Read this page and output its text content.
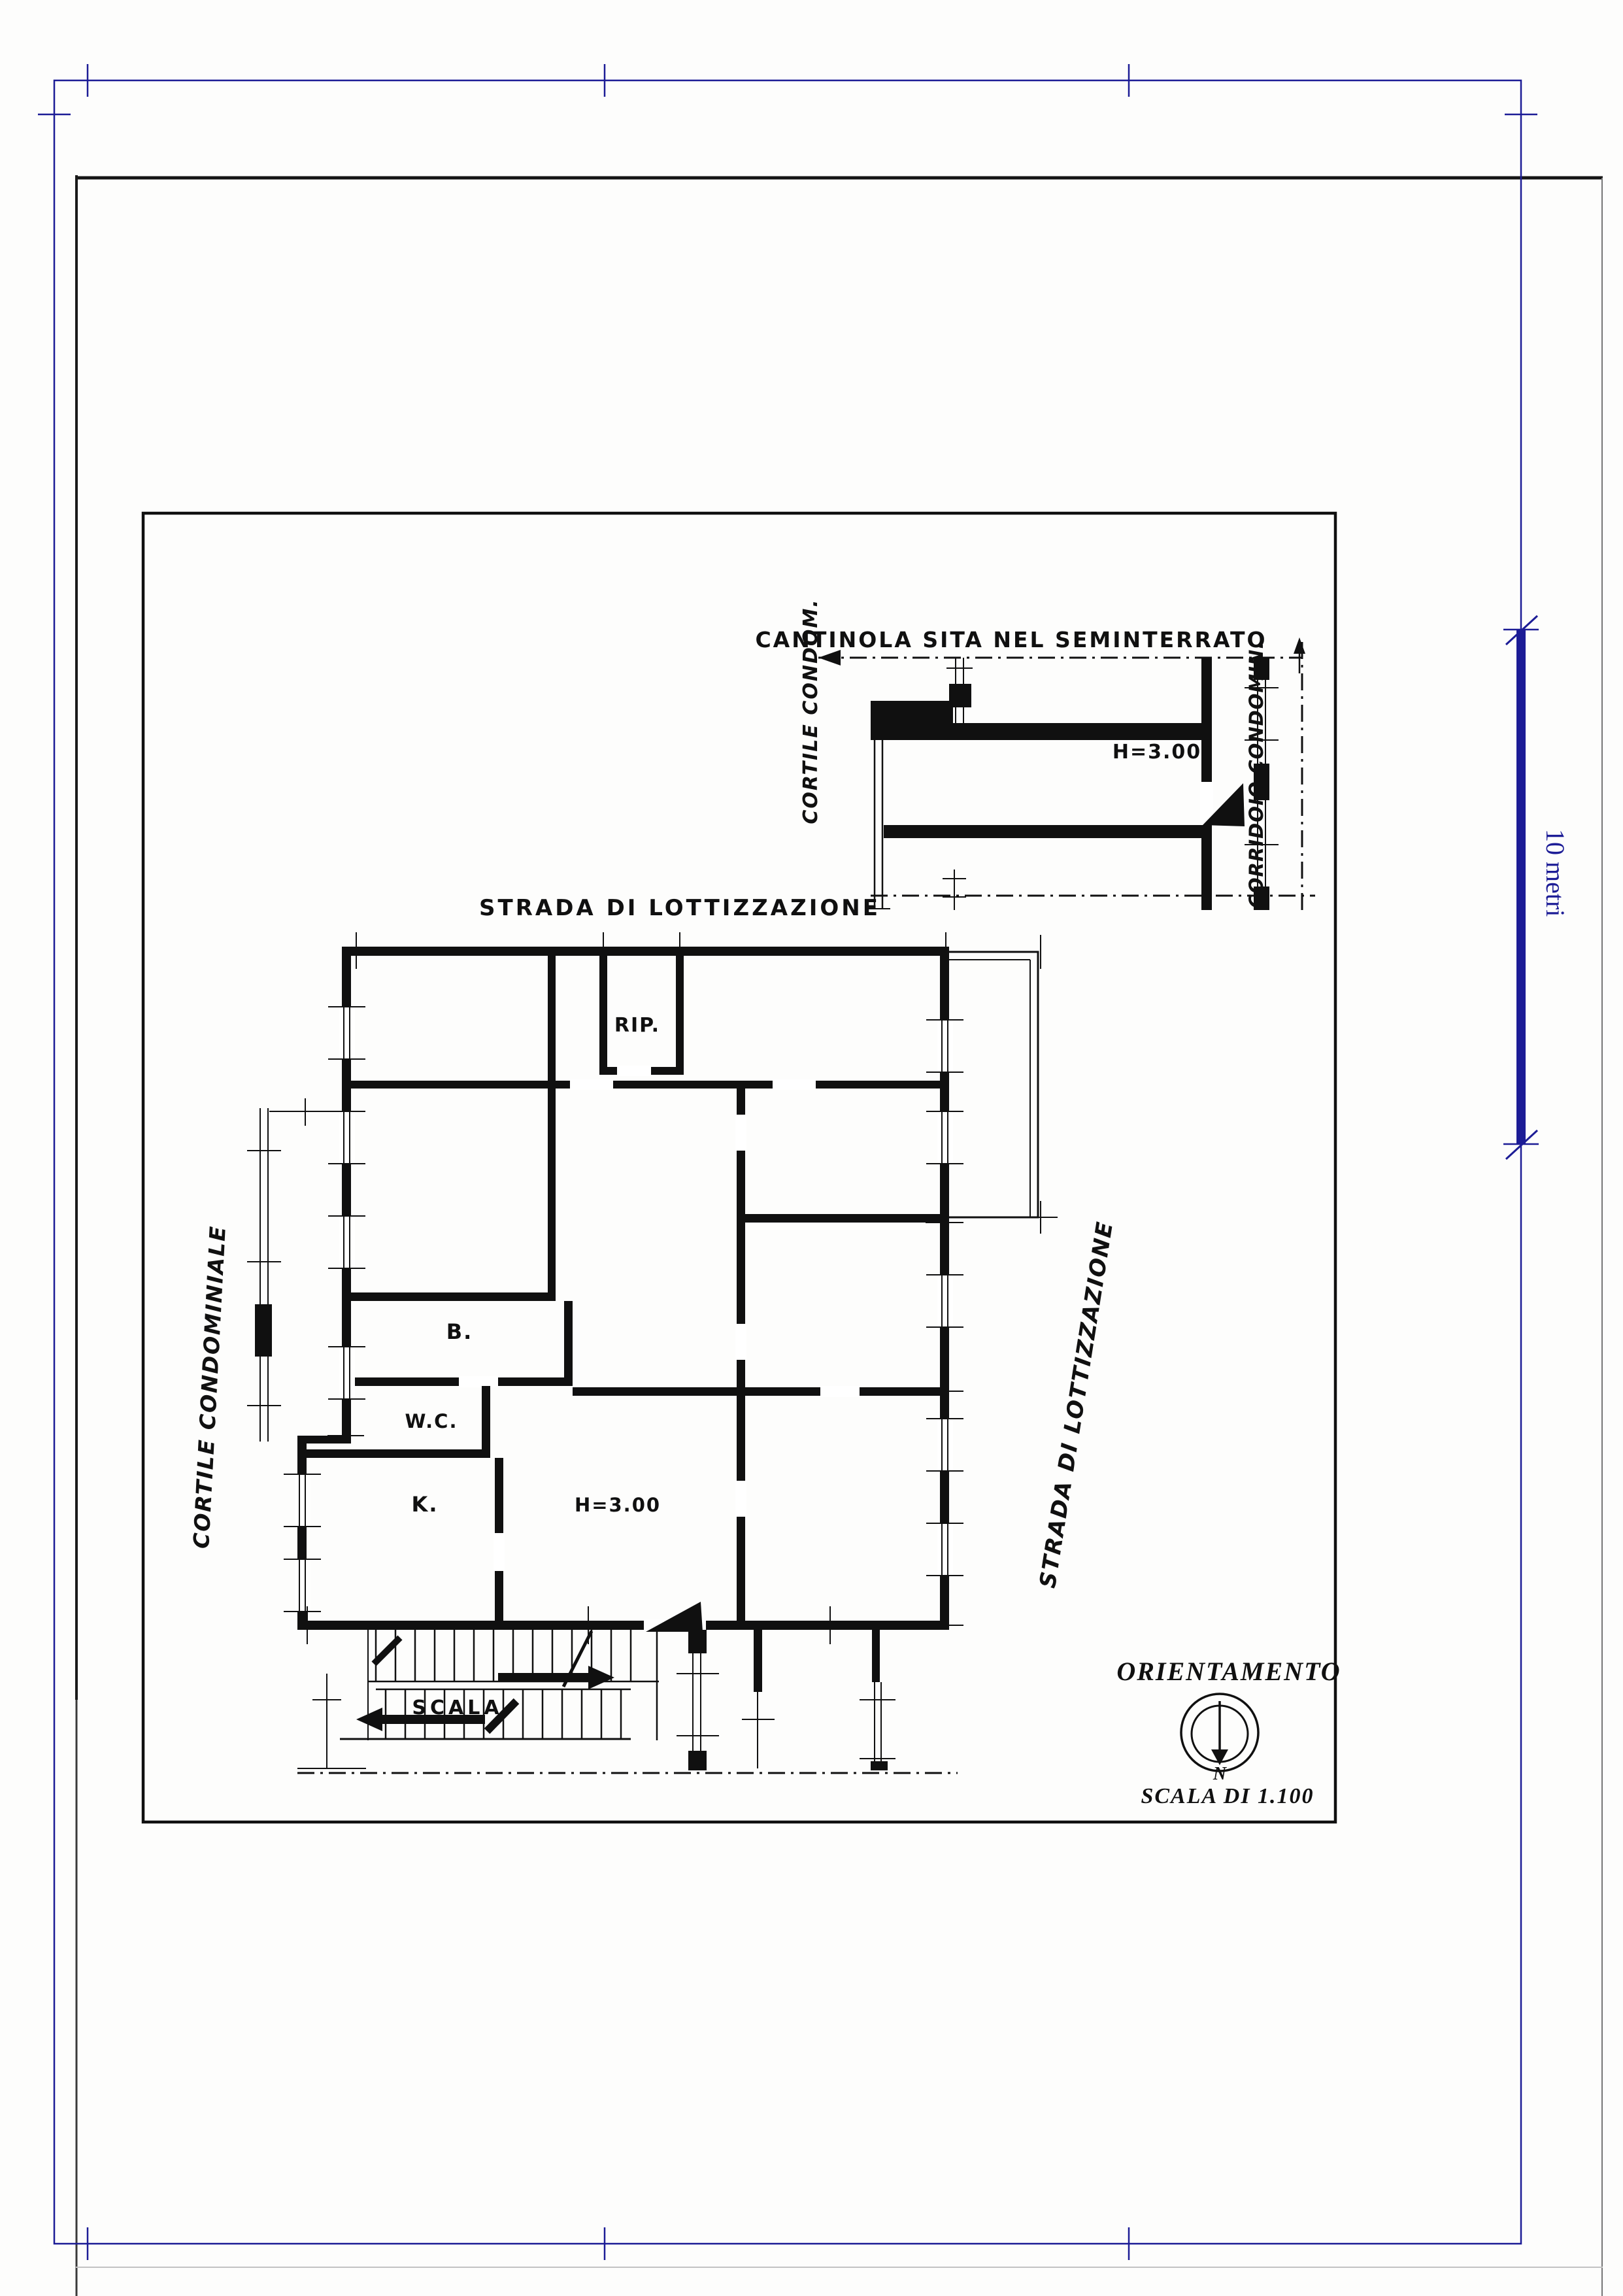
10 metri
CANTINOLA SITA NEL SEMINTERRATO
H=3.00
CORTILE CONDOM.	CORRIDOIO CONDOMIN.
STRADA DI LOTTIZZAZIONE
CORTILE CONDOMINIALE	STRADA DI LOTTIZZAZIONE
SCALA
RIP.
B.
W.C.
K.	H=3.00
ORIENTAMENTO
N
SCALA DI 1.100
